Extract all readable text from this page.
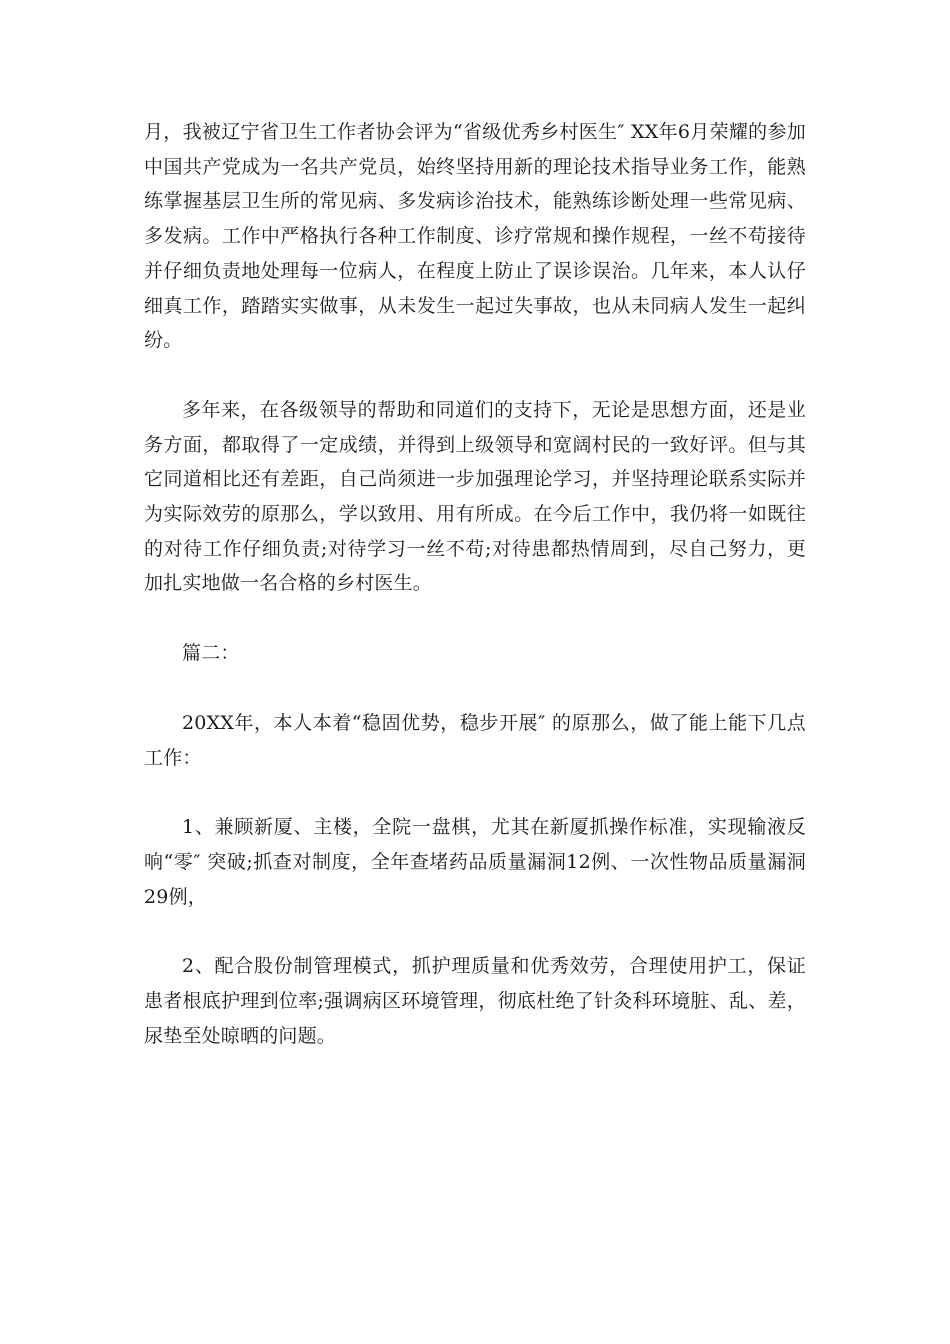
月，我被辽宁省卫生工作者协会评为“省级优秀乡村医生″ XX年6月荣耀的参加中国共产党成为一名共产党员，始终坚持用新的理论技术指导业务工作，能熟练掌握基层卫生所的常见病、多发病诊治技术，能熟练诊断处理一些常见病、多发病。工作中严格执行各种工作制度、诊疗常规和操作规程，一丝不苟接待并仔细负责地处理每一位病人，在程度上防止了误诊误治。几年来，本人认仔细真工作，踏踏实实做事，从未发生一起过失事故，也从未同病人发生一起纠纷。

多年来，在各级领导的帮助和同道们的支持下，无论是思想方面，还是业务方面，都取得了一定成绩，并得到上级领导和宽阔村民的一致好评。但与其它同道相比还有差距，自己尚须进一步加强理论学习，并坚持理论联系实际并为实际效劳的原那么，学以致用、用有所成。在今后工作中，我仍将一如既往的对待工作仔细负责;对待学习一丝不苟;对待患都热情周到，尽自己努力，更加扎实地做一名合格的乡村医生。

篇二：

20XX年，本人本着“稳固优势，稳步开展″ 的原那么，做了能上能下几点工作：

1、兼顾新厦、主楼，全院一盘棋，尤其在新厦抓操作标准，实现输液反响“零″ 突破;抓查对制度，全年查堵药品质量漏洞12例、一次性物品质量漏洞29例，

2、配合股份制管理模式，抓护理质量和优秀效劳，合理使用护工，保证患者根底护理到位率;强调病区环境管理，彻底杜绝了针灸科环境脏、乱、差，尿垫至处晾晒的问题。
